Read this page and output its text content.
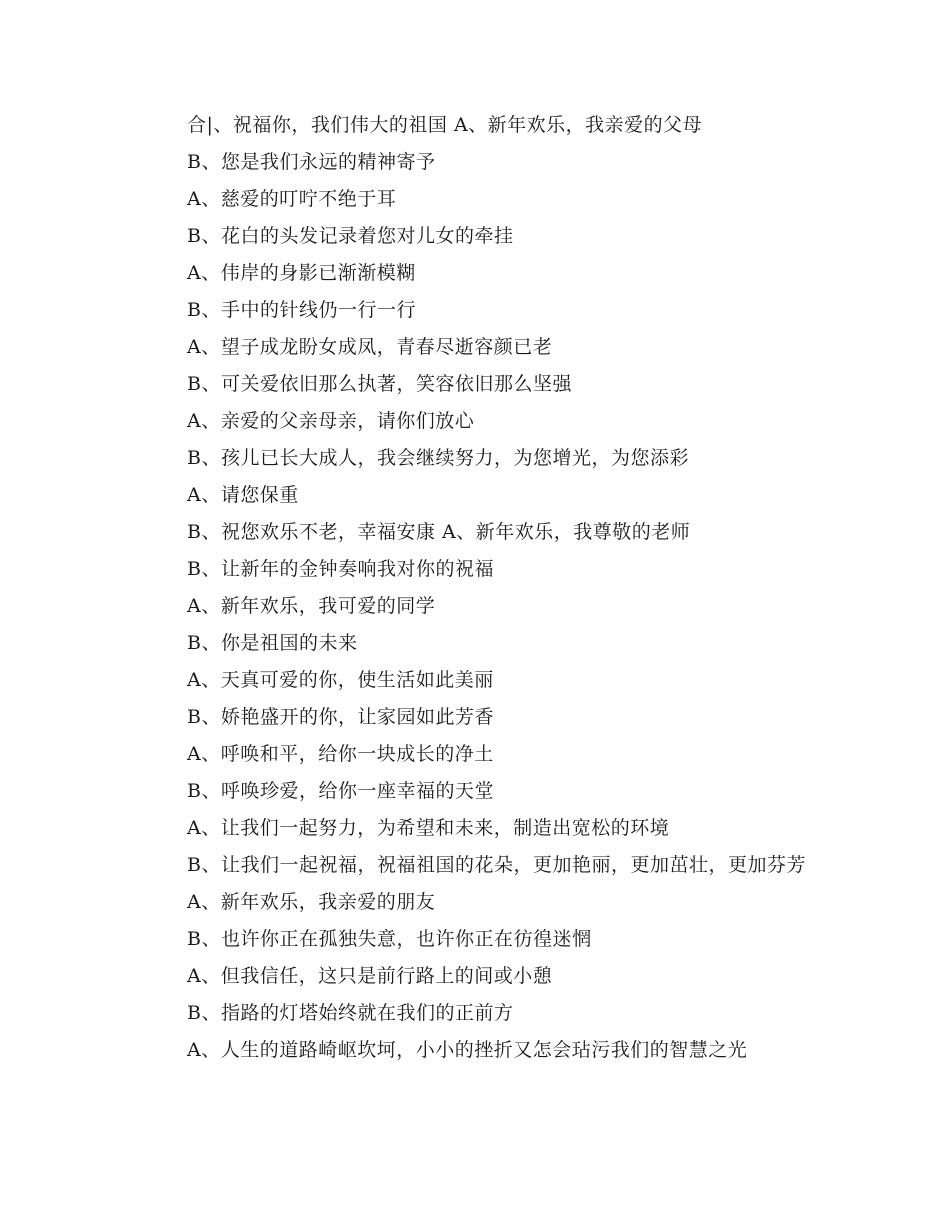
合|、祝福你，我们伟大的祖国 A、新年欢乐，我亲爱的父母
B、您是我们永远的精神寄予
A、慈爱的叮咛不绝于耳
B、花白的头发记录着您对儿女的牵挂
A、伟岸的身影已渐渐模糊
B、手中的针线仍一行一行
A、望子成龙盼女成凤，青春尽逝容颜已老
B、可关爱依旧那么执著，笑容依旧那么坚强
A、亲爱的父亲母亲，请你们放心
B、孩儿已长大成人，我会继续努力，为您增光，为您添彩
A、请您保重
B、祝您欢乐不老，幸福安康 A、新年欢乐，我尊敬的老师
B、让新年的金钟奏响我对你的祝福
A、新年欢乐，我可爱的同学
B、你是祖国的未来
A、天真可爱的你，使生活如此美丽
B、娇艳盛开的你，让家园如此芳香
A、呼唤和平，给你一块成长的净土
B、呼唤珍爱，给你一座幸福的天堂
A、让我们一起努力，为希望和未来，制造出宽松的环境
B、让我们一起祝福，祝福祖国的花朵，更加艳丽，更加茁壮，更加芬芳
A、新年欢乐，我亲爱的朋友
B、也许你正在孤独失意，也许你正在彷徨迷惘
A、但我信任，这只是前行路上的间或小憩
B、指路的灯塔始终就在我们的正前方
A、人生的道路崎岖坎坷，小小的挫折又怎会玷污我们的智慧之光
